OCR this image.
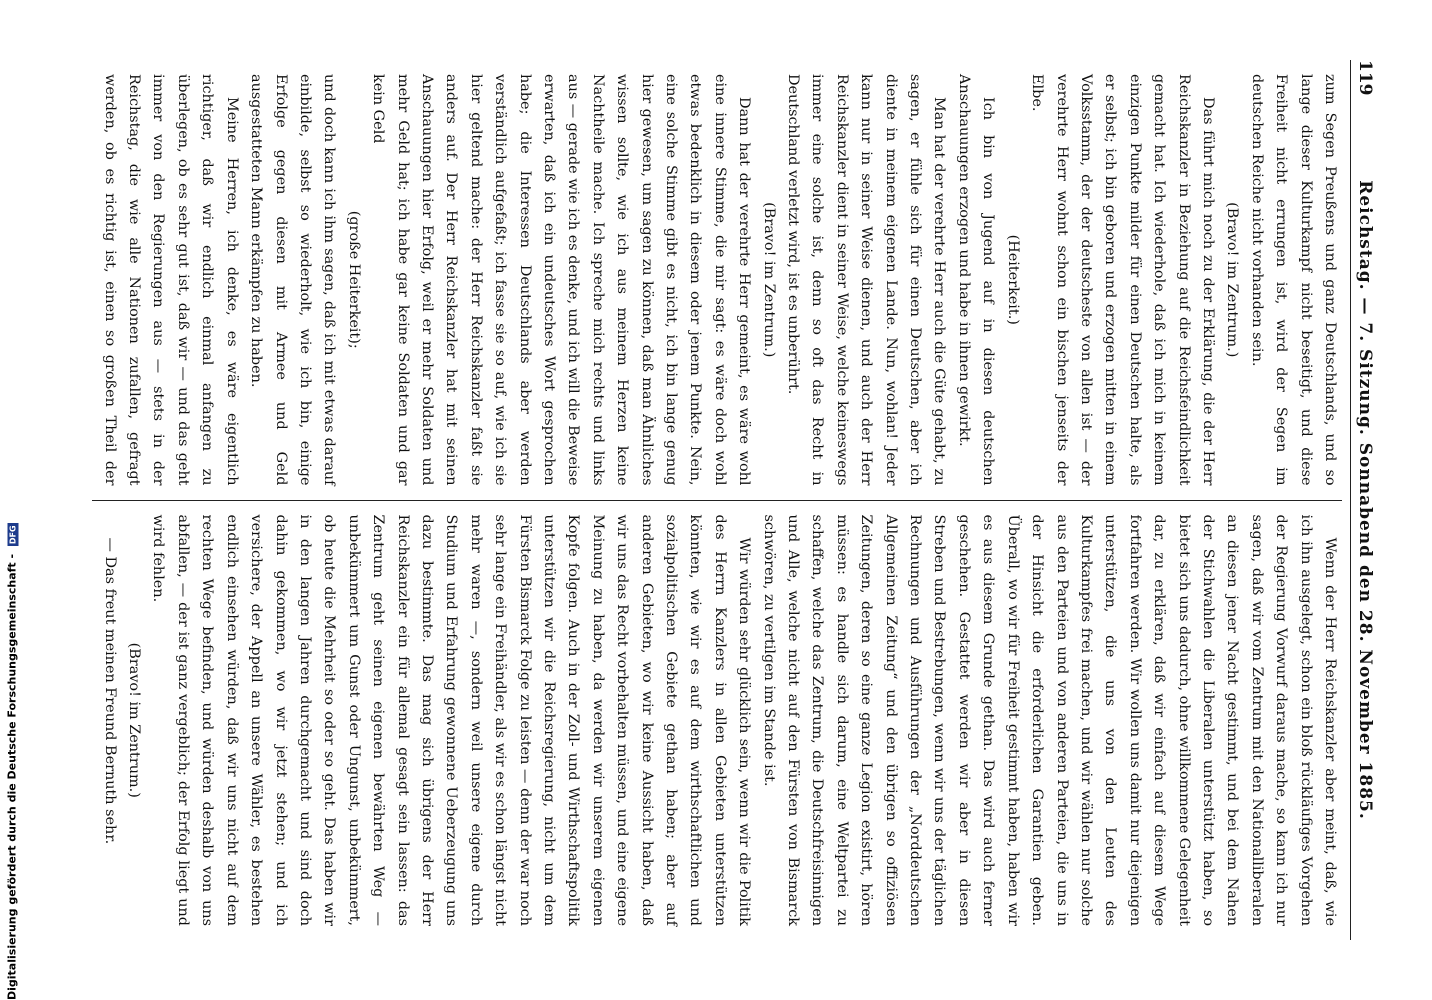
119
Reichstag. — 7. Sitzung. Sonnabend den 28. November 1885.

zum Segen Preußens und ganz Deutschlands, und so lange dieser Kulturkampf nicht beseitigt, und diese Freiheit nicht errungen ist, wird der Segen im deutschen Reiche nicht vorhanden sein.

(Bravo! im Zentrum.)

Das führt mich noch zu der Erklärung, die der Herr Reichskanzler in Beziehung auf die Reichsfeindlichkeit gemacht hat. Ich wiederhole, daß ich mich in keinem einzigen Punkte milder für einen Deutschen halte, als er selbst; ich bin geboren und erzogen mitten in einem Volksstamm, der der deutscheste von allen ist — der verehrte Herr wohnt schon ein bischen jenseits der Elbe.

(Heiterkeit.)

Ich bin von Jugend auf in diesen deutschen Anschauungen erzogen und habe in ihnen gewirkt.

Man hat der verehrte Herr auch die Güte gehabt, zu sagen, er fühle sich für einen Deutschen, aber ich diente in meinem eigenen Lande. Nun, wohlan! Jeder kann nur in seiner Weise dienen, und auch der Herr Reichskanzler dient in seiner Weise, welche keineswegs immer eine solche ist, denn so oft das Recht in Deutschland verletzt wird, ist es unberührt.

(Bravo! im Zentrum.)

Dann hat der verehrte Herr gemeint, es wäre wohl eine innere Stimme, die mir sagt: es wäre doch wohl etwas bedenklich in diesem oder jenem Punkte. Nein, eine solche Stimme gibt es nicht, ich bin lange genug hier gewesen, um sagen zu können, daß man Ähnliches wissen sollte, wie ich aus meinem Herzen keine Nachtheile mache. Ich spreche mich rechts und links aus — gerade wie ich es denke, und ich will die Beweise erwarten, daß ich ein undeutsches Wort gesprochen habe; die Interessen Deutschlands aber werden verständlich aufgefaßt; ich fasse sie so auf, wie ich sie hier geltend mache: der Herr Reichskanzler faßt sie anders auf. Der Herr Reichskanzler hat mit seinen Anschauungen hier Erfolg, weil er mehr Soldaten und mehr Geld hat; ich habe gar keine Soldaten und gar kein Geld

(große Heiterkeit);

und doch kann ich ihm sagen, daß ich mit etwas darauf einbilde, selbst so wiederholt, wie ich bin, einige Erfolge gegen diesen mit Armee und Geld ausgestatteten Mann erkämpfen zu haben.

Meine Herren, ich denke, es wäre eigentlich richtiger, daß wir endlich einmal anfangen zu überlegen, ob es sehr gut ist, daß wir — und das geht immer von den Regierungen aus — stets in der Reichstag, die wie alle Nationen zufallen, gefragt werden, ob es richtig ist, einen so großen Theil der

Wenn der Herr Reichskanzler aber meint, daß, wie ich ihn ausgelegt, schon ein bloß rückläufiges Vorgehen der Regierung Vorwurf daraus mache, so kann ich nur sagen, daß wir vom Zentrum mit den Nationalliberalen an diesen jener Nacht gestimmt, und bei dem Nahen der Stichwahlen die Liberalen unterstützt haben, so bietet sich uns dadurch, ohne willkommene Gelegenheit dar, zu erklären, daß wir einfach auf diesem Wege fortfahren werden. Wir wollen uns damit nur diejenigen unterstützen, die uns von den Leuten des Kulturkampfes frei machen, und wir wählen nur solche aus den Parteien und von anderen Parteien, die uns in der Hinsicht die erforderlichen Garantien geben. Überall, wo wir für Freiheit gestimmt haben, haben wir es aus diesem Grunde gethan. Das wird auch ferner geschehen. Gestattet werden wir aber in diesen Streben und Bestrebungen, wenn wir uns der täglichen Rechnungen und Ausführungen der „Norddeutschen Allgemeinen Zeitung“ und den übrigen so offiziösen Zeitungen, deren so eine ganze Legion existirt, hören müssen: es handle sich darum, eine Weltpartei zu schaffen, welche das Zentrum, die Deutschfreisinnigen und Alle, welche nicht auf den Fürsten von Bismarck schwören, zu vertilgen im Stande ist.

Wir würden sehr glücklich sein, wenn wir die Politik des Herrn Kanzlers in allen Gebieten unterstützen könnten, wie wir es auf dem wirthschaftlichen und sozialpolitischen Gebiete gethan haben; aber auf anderen Gebieten, wo wir keine Aussicht haben, daß wir uns das Recht vorbehalten müssen, und eine eigene Meinung zu haben, da werden wir unserem eigenen Kopfe folgen. Auch in der Zoll- und Wirthschaftspolitik unterstützen wir die Reichsregierung, nicht um dem Fürsten Bismarck Folge zu leisten — denn der war noch sehr lange ein Freihändler, als wir es schon längst nicht mehr waren —, sondern weil unsere eigene durch Studium und Erfahrung gewonnene Ueberzeugung uns dazu bestimmte. Das mag sich übrigens der Herr Reichskanzler ein für allemal gesagt sein lassen: das Zentrum geht seinen eigenen bewährten Weg — unbekümmert um Gunst oder Ungunst, unbekümmert, ob heute die Mehrheit so oder so geht. Das haben wir in den langen Jahren durchgemacht und sind doch dahin gekommen, wo wir jetzt stehen; und ich versichere, der Appell an unsere Wähler, es bestehen endlich einsehen würden, daß wir uns nicht auf dem rechten Wege befinden, und würden deshalb von uns abfallen, — der ist ganz vergeblich; der Erfolg liegt und wird fehlen.

(Bravo! im Zentrum.)

— Das freut meinen Freund Bernuth sehr.

Digitalisierung gefördert durch die Deutsche Forschungsgemeinschaft - DFG
